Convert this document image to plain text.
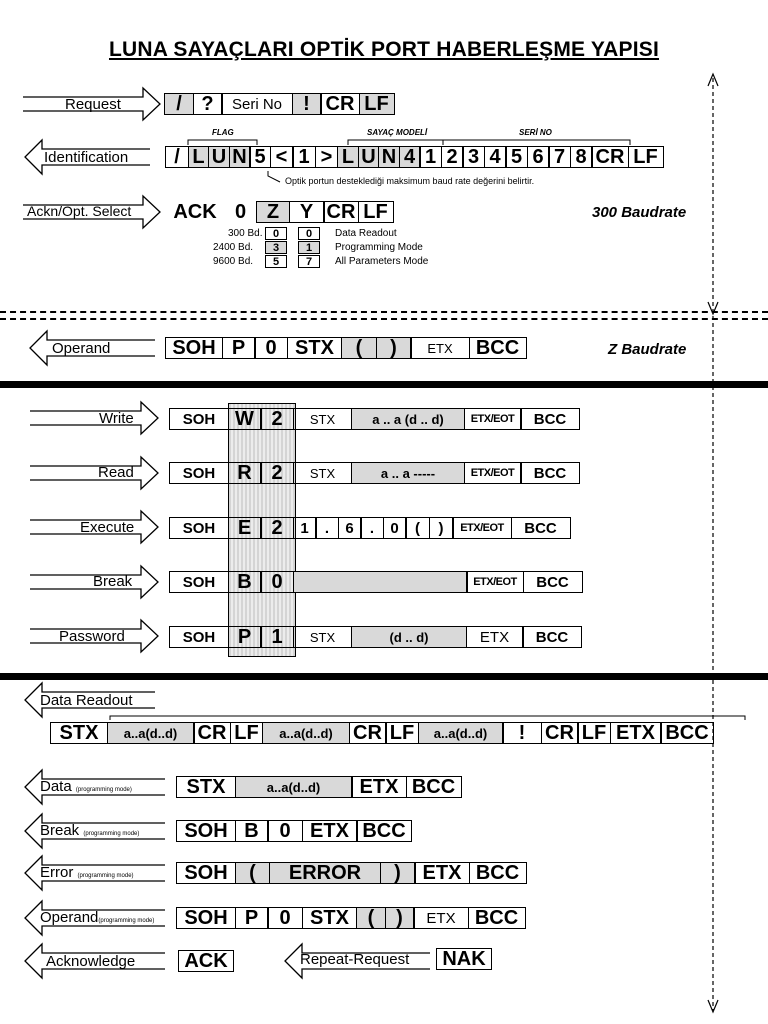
LUNA SAYAÇLARI OPTİK PORT HABERLEŞME YAPISI
Request	/ ?	Seri No	! CR LF
FLAG	SAYAÇ MODELİ	SERİ NO
Identification	/ L U N 5 < 1 > L U N 4 1 2 3 4 5 6 7 8 CR LF
Optik portun desteklediği maksimum baud rate değerini belirtir.
Ackn/Opt. Select	ACK 0	Z	Y CR LF	300 Baudrate
300 Bd. 0	0	Data Readout
2400 Bd.	3	1	Programming Mode
9600 Bd.	5	7	All Parameters Mode
Operand	SOH P	0 STX	(	)	ETX	BCC	Z Baudrate
Write	SOH W 2	STX	a .. a (d .. d)	ETX/EOT	BCC
Read	SOH	R 2	STX	a .. a -----	ETX/EOT	BCC
Execute	SOH	E	2	1	.	6	.	0	(	)	ETX/EOT	BCC
Break	SOH	B 0	ETX/EOT	BCC
Password	SOH	P	1	STX	(d .. d)	ETX	BCC
Data Readout
STX	a..a(d..d)	CR LF	a..a(d..d)	CR LF	a..a(d..d)	! CR LF ETX BCC
Data (programming mode)	STX	a..a(d..d)	ETX BCC
Break (programming mode)	SOH B	0 ETX BCC
Error (programming mode)	SOH	(	ERROR	)	ETX BCC
Operand(programming mode)	SOH P	0 STX (	)	ETX BCC
Acknowledge	ACK	Repeat-Request	NAK
